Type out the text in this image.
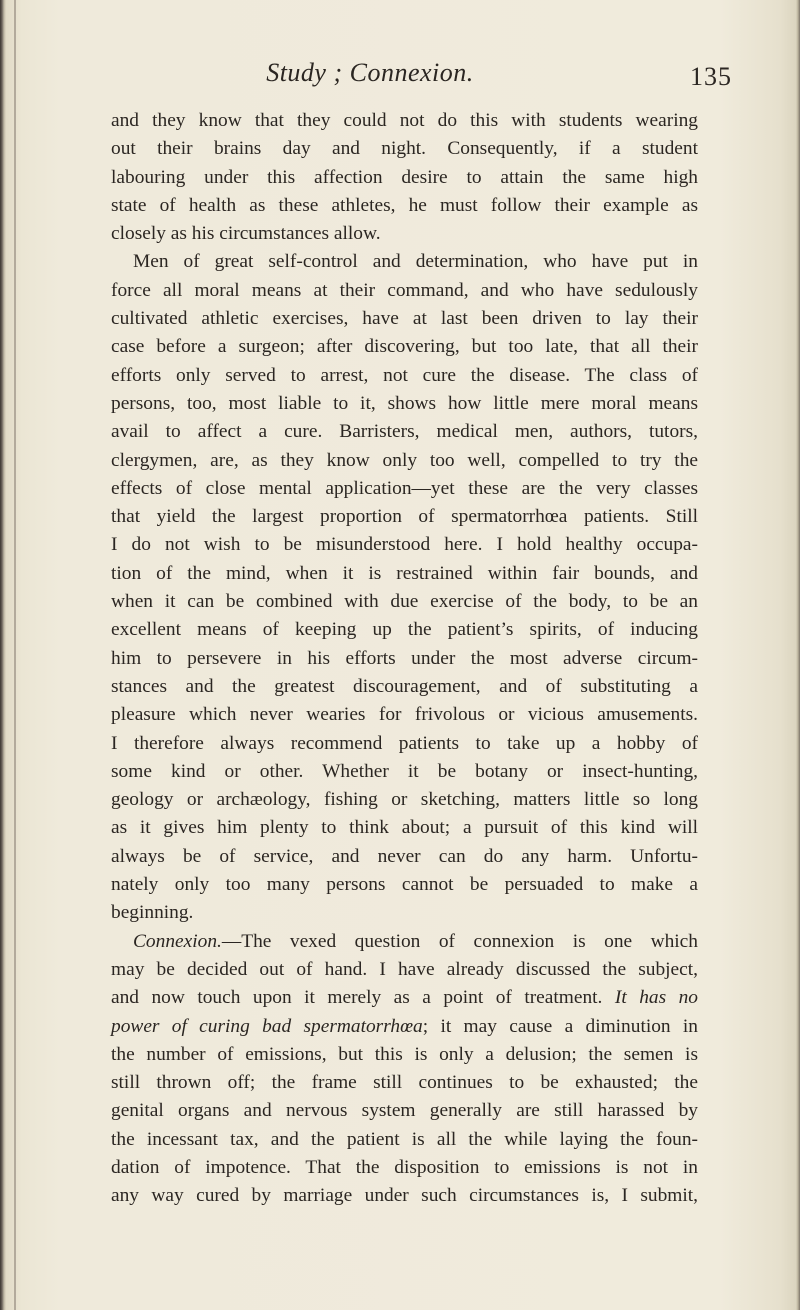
Study ; Connexion.	135
and they know that they could not do this with students wearing
out their brains day and night. Consequently, if a student
labouring under this affection desire to attain the same high
state of health as these athletes, he must follow their example as
closely as his circumstances allow.
Men of great self-control and determination, who have put in
force all moral means at their command, and who have sedulously
cultivated athletic exercises, have at last been driven to lay their
case before a surgeon; after discovering, but too late, that all their
efforts only served to arrest, not cure the disease. The class of
persons, too, most liable to it, shows how little mere moral means
avail to affect a cure. Barristers, medical men, authors, tutors,
clergymen, are, as they know only too well, compelled to try the
effects of close mental application—yet these are the very classes
that yield the largest proportion of spermatorrhœa patients. Still
I do not wish to be misunderstood here. I hold healthy occupa-
tion of the mind, when it is restrained within fair bounds, and
when it can be combined with due exercise of the body, to be an
excellent means of keeping up the patient’s spirits, of inducing
him to persevere in his efforts under the most adverse circum-
stances and the greatest discouragement, and of substituting a
pleasure which never wearies for frivolous or vicious amusements.
I therefore always recommend patients to take up a hobby of
some kind or other. Whether it be botany or insect-hunting,
geology or archæology, fishing or sketching, matters little so long
as it gives him plenty to think about; a pursuit of this kind will
always be of service, and never can do any harm. Unfortu-
nately only too many persons cannot be persuaded to make a
beginning.
Connexion.—The vexed question of connexion is one which
may be decided out of hand. I have already discussed the subject,
and now touch upon it merely as a point of treatment. It has no
power of curing bad spermatorrhœa; it may cause a diminution in
the number of emissions, but this is only a delusion; the semen is
still thrown off; the frame still continues to be exhausted; the
genital organs and nervous system generally are still harassed by
the incessant tax, and the patient is all the while laying the foun-
dation of impotence. That the disposition to emissions is not in
any way cured by marriage under such circumstances is, I submit,
